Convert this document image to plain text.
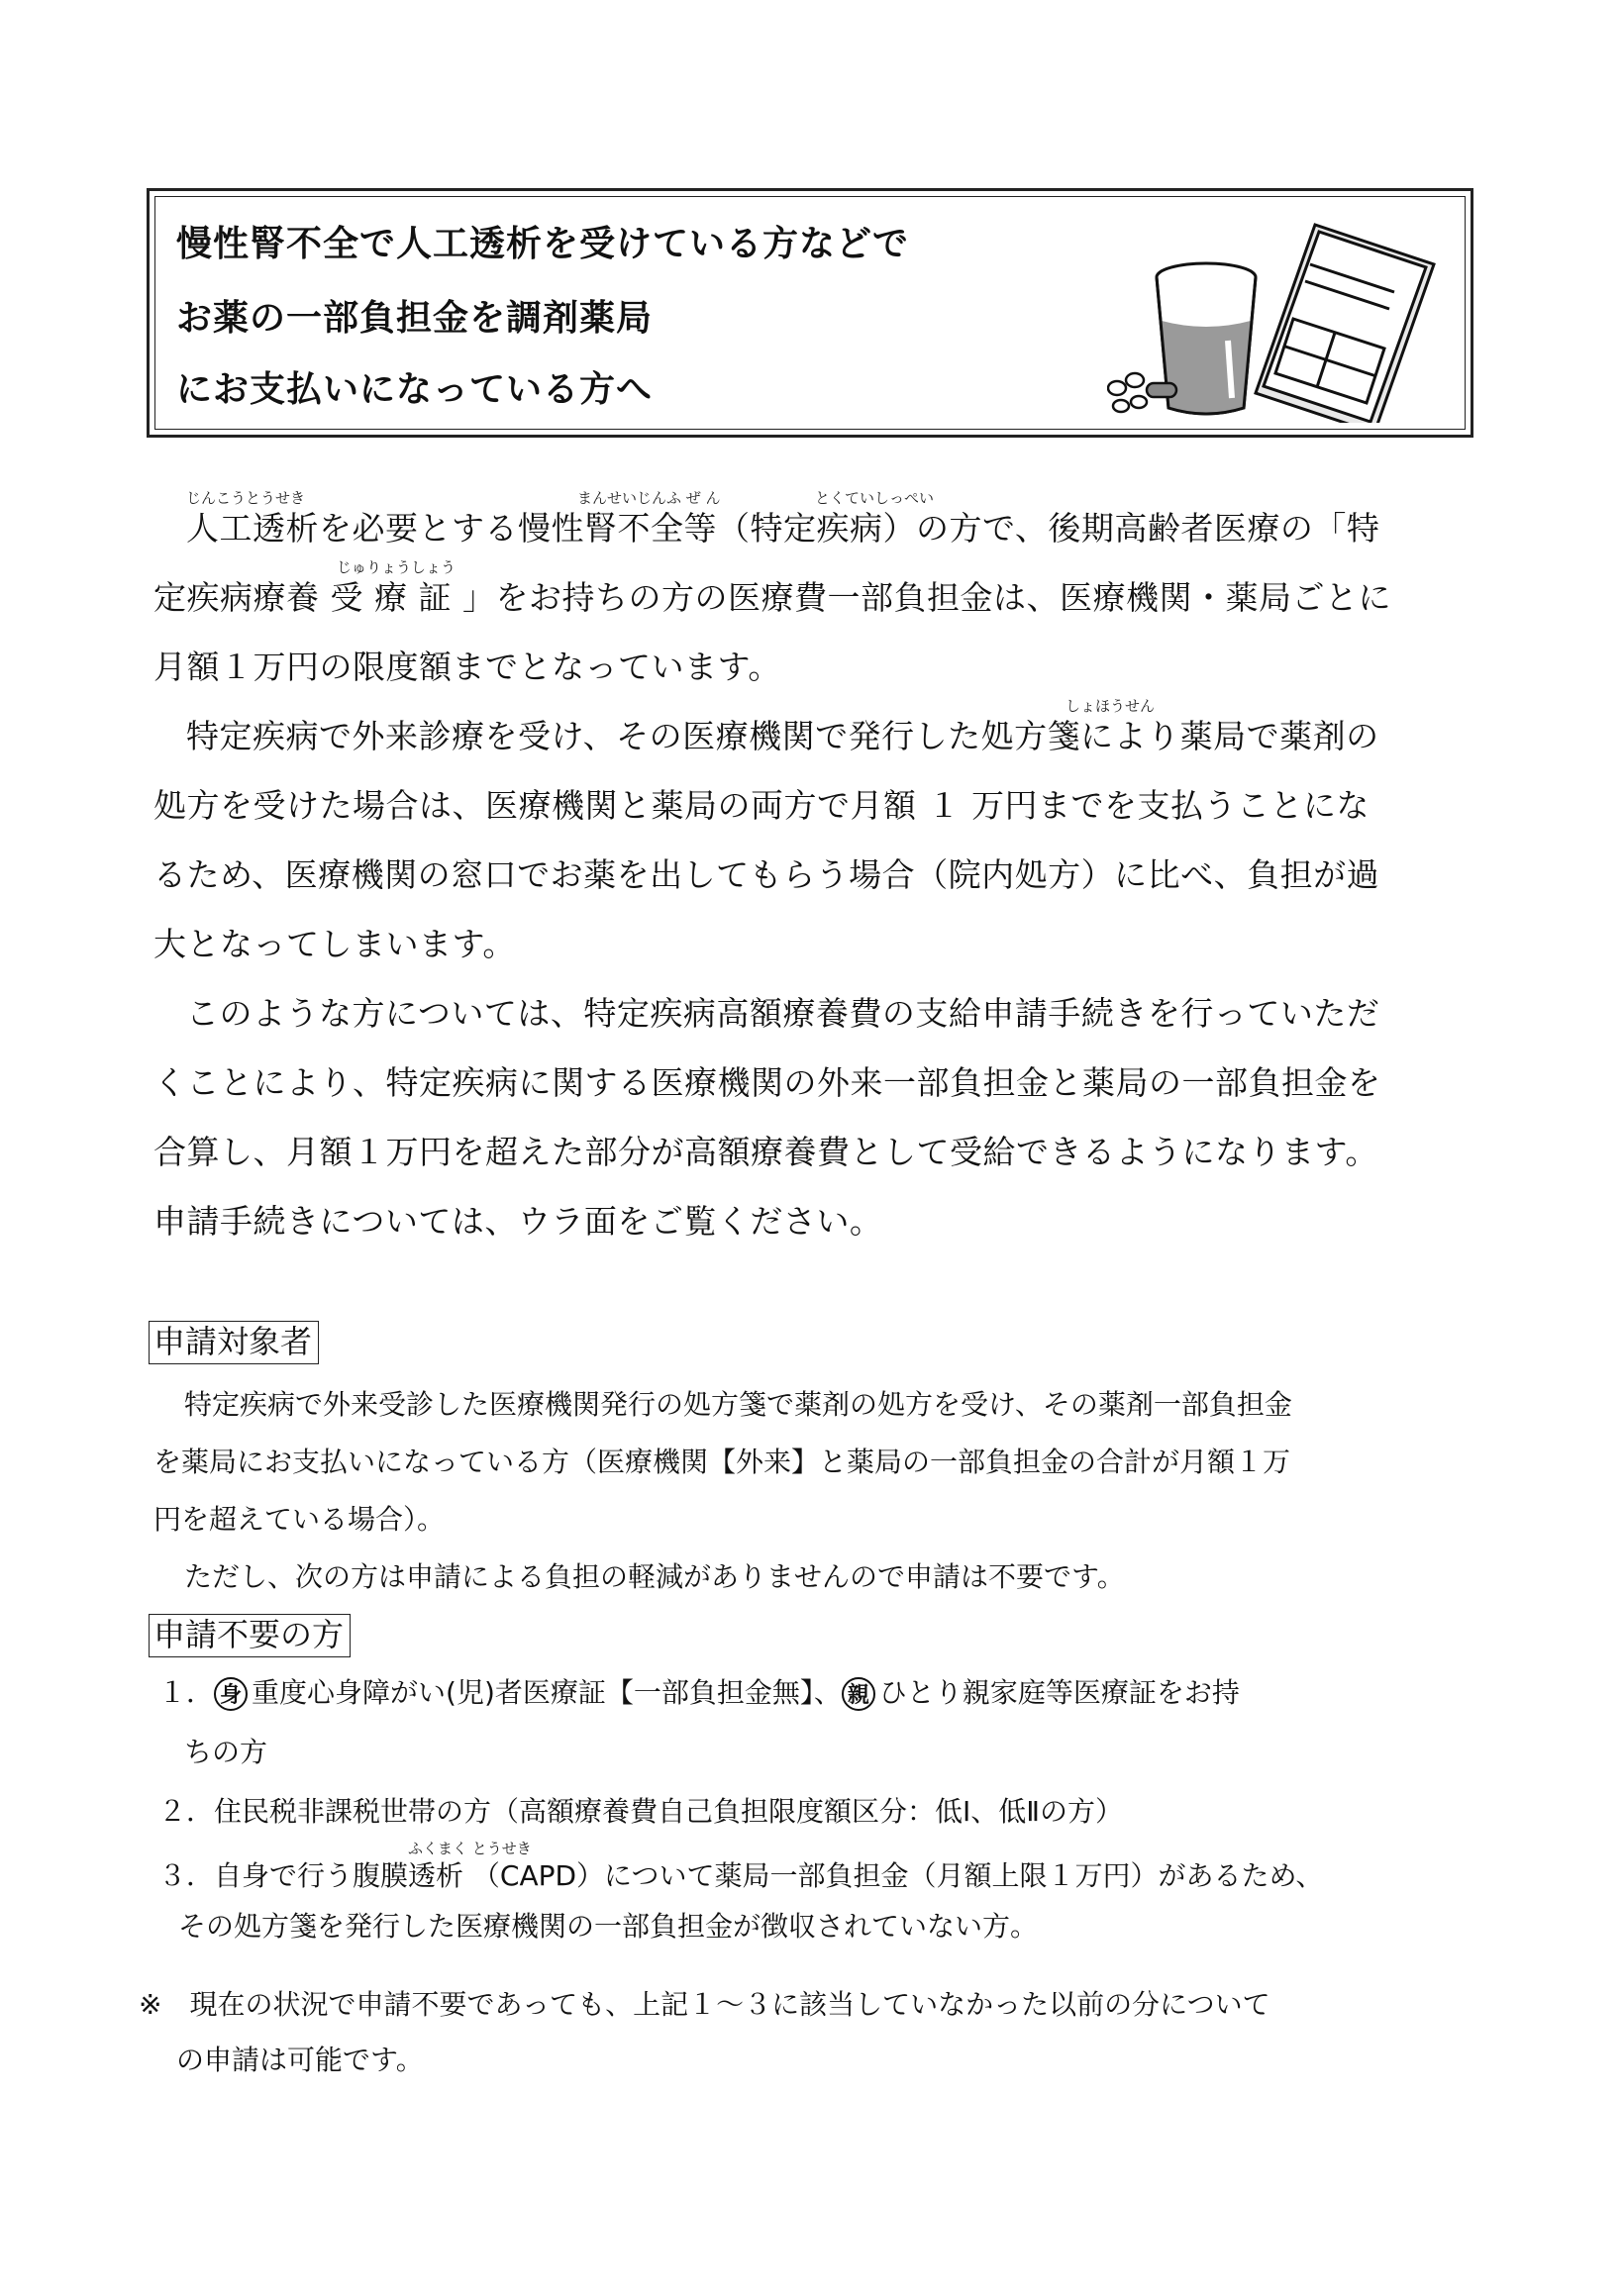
慢性腎不全で人工透析を受けている方などで
お薬の一部負担金を調剤薬局
にお支払いになっている方へ
じんこうとうせき	まんせいじんふ ぜ ん	とくていしっぺい
人工透析を必要とする慢性腎不全等（特定疾病）の方で、後期高齢者医療の「特
じゅりょうしょう
定疾病療養 受 療 証 」をお持ちの方の医療費一部負担金は、医療機関・薬局ごとに
月額１万円の限度額までとなっています。
しょほうせん
特定疾病で外来診療を受け、その医療機関で発行した処方箋により薬局で薬剤の
処方を受けた場合は、医療機関と薬局の両方で月額 １ 万円までを支払うことにな
るため、医療機関の窓口でお薬を出してもらう場合（院内処方）に比べ、負担が過
大となってしまいます。
このような方については、特定疾病高額療養費の支給申請手続きを行っていただ
くことにより、特定疾病に関する医療機関の外来一部負担金と薬局の一部負担金を
合算し、月額１万円を超えた部分が高額療養費として受給できるようになります。
申請手続きについては、ウラ面をご覧ください。
申請対象者
特定疾病で外来受診した医療機関発行の処方箋で薬剤の処方を受け、その薬剤一部負担金
を薬局にお支払いになっている方（医療機関【外来】と薬局の一部負担金の合計が月額１万
円を超えている場合）。
ただし、次の方は申請による負担の軽減がありませんので申請は不要です。
申請不要の方
１． 身 重度心身障がい(児)者医療証【一部負担金無】、 親 ひとり親家庭等医療証をお持
ちの方
２．住民税非課税世帯の方（高額療養費自己負担限度額区分：低Ⅰ、低Ⅱの方）
ふくまく とうせき
３．自身で行う腹膜透析 （CAPD）について薬局一部負担金（月額上限１万円）があるため、
その処方箋を発行した医療機関の一部負担金が徴収されていない方。
※　現在の状況で申請不要であっても、上記１～３に該当していなかった以前の分について
の申請は可能です。
